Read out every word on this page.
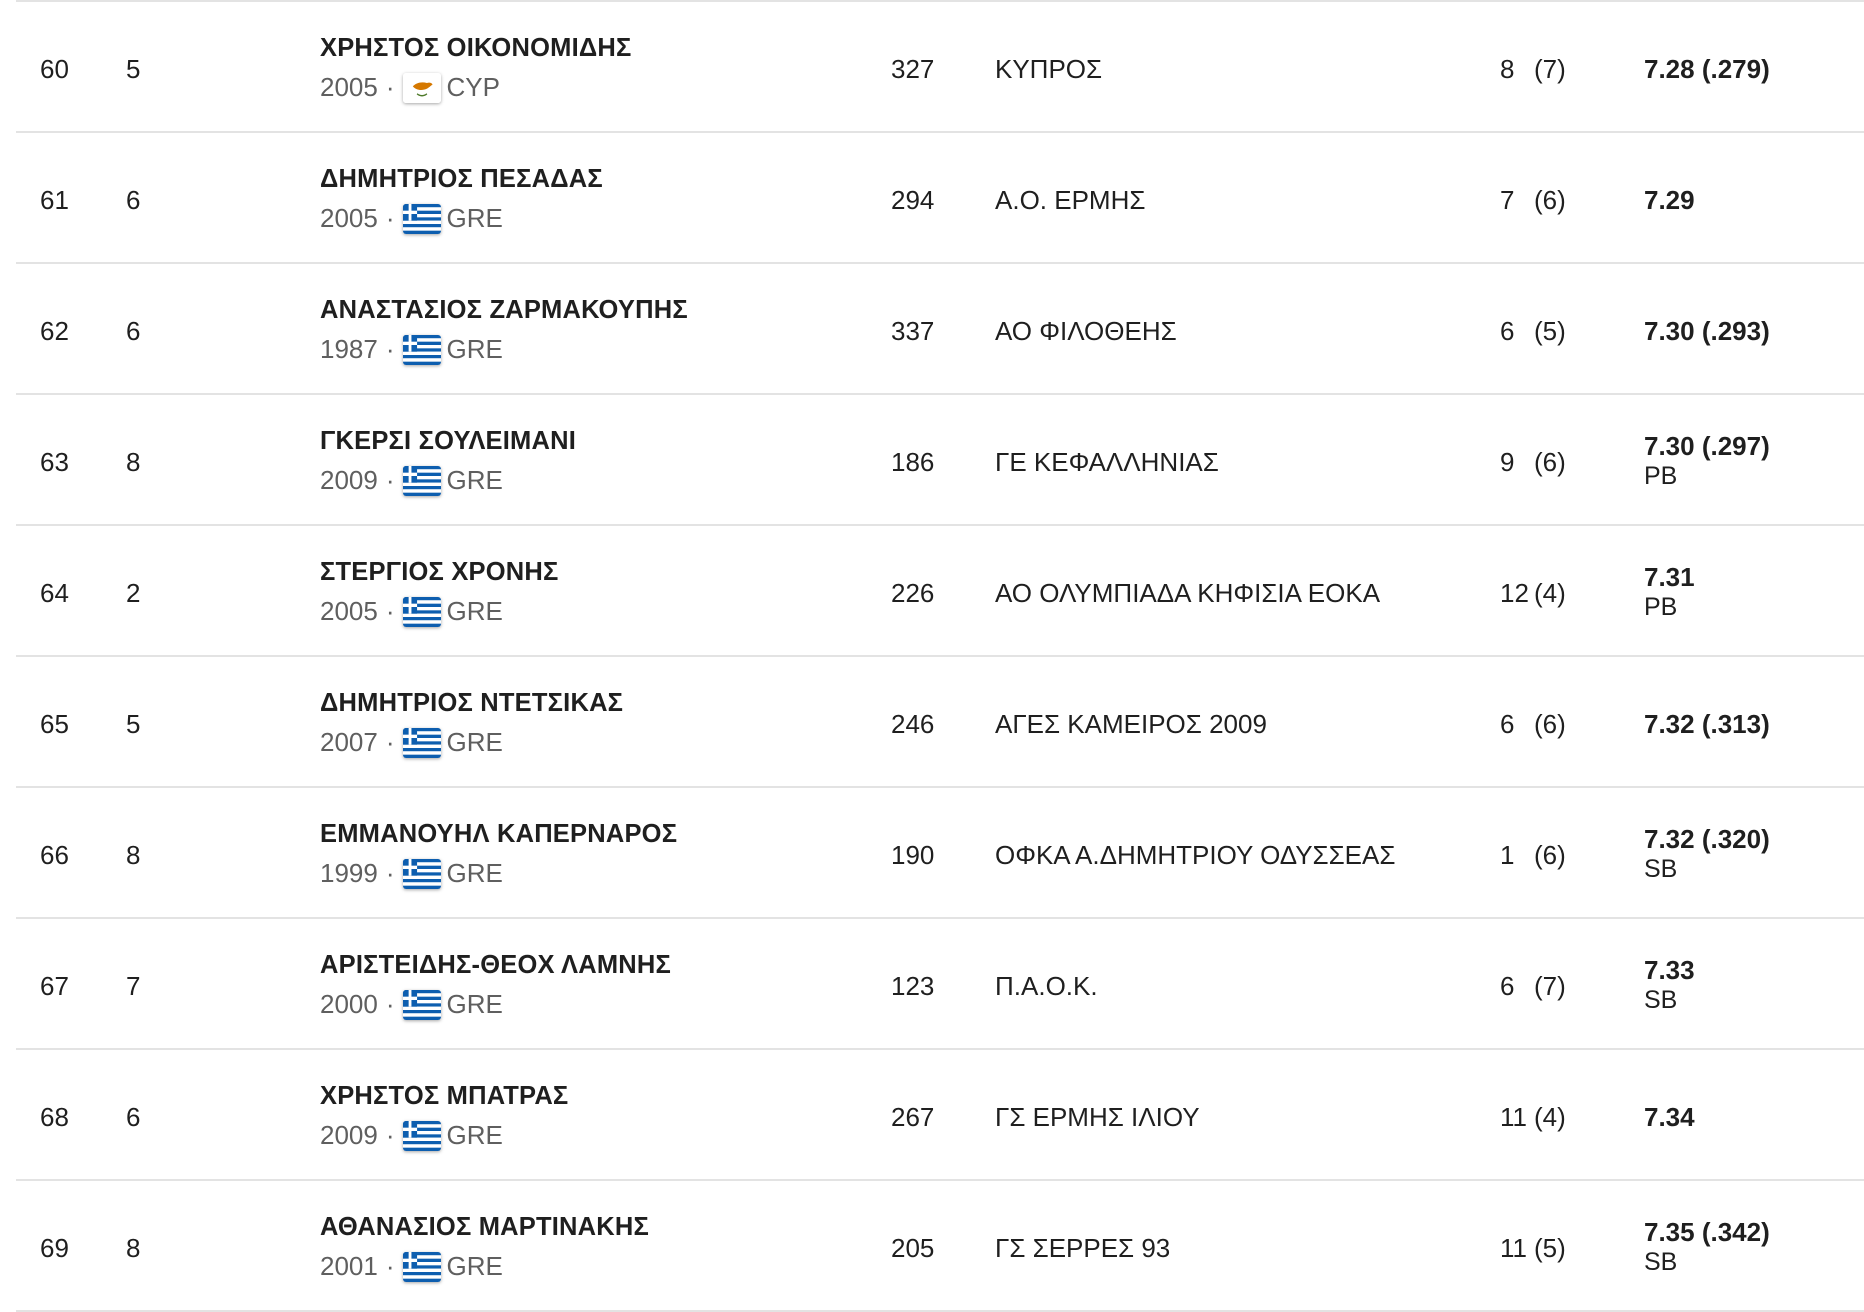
60 5
ΧΡΗΣΤΟΣ ΟΙΚΟΝΟΜΙΔΗΣ
2005 · CYP
327 ΚΥΠΡΟΣ	8 (7)	7.28 (.279)
61 6
ΔΗΜΗΤΡΙΟΣ ΠΕΣΑΔΑΣ
2005 · GRE
294 Α.Ο. ΕΡΜΗΣ	7 (6)	7.29
62 6
ΑΝΑΣΤΑΣΙΟΣ ΖΑΡΜΑΚΟΥΠΗΣ
1987 · GRE
337 ΑΟ ΦΙΛΟΘΕΗΣ	6 (5)	7.30 (.293)
63 8
ΓΚΕΡΣΙ ΣΟΥΛΕΙΜΑΝΙ
2009 · GRE
186 ΓΕ ΚΕΦΑΛΛΗΝΙΑΣ	9 (6)
7.30 (.297)
PB
64 2
ΣΤΕΡΓΙΟΣ ΧΡΟΝΗΣ
2005 · GRE
226 ΑΟ ΟΛΥΜΠΙΑΔΑ ΚΗΦΙΣΙΑ ΕΟΚΑ	12 (4)
7.31
PB
65 5
ΔΗΜΗΤΡΙΟΣ ΝΤΕΤΣΙΚΑΣ
2007 · GRE
246 ΑΓΕΣ ΚΑΜΕΙΡΟΣ 2009	6 (6)	7.32 (.313)
66 8
ΕΜΜΑΝΟΥΗΛ ΚΑΠΕΡΝΑΡΟΣ
1999 · GRE
190 ΟΦΚΑ Α.ΔΗΜΗΤΡΙΟΥ ΟΔΥΣΣΕΑΣ	1 (6)
7.32 (.320)
SB
67 7
ΑΡΙΣΤΕΙΔΗΣ-ΘΕΟΧ ΛΑΜΝΗΣ
2000 · GRE
123 Π.Α.Ο.Κ.	6 (7)
7.33
SB
68 6
ΧΡΗΣΤΟΣ ΜΠΑΤΡΑΣ
2009 · GRE
267 ΓΣ ΕΡΜΗΣ ΙΛΙΟΥ	11 (4)	7.34
69 8
ΑΘΑΝΑΣΙΟΣ ΜΑΡΤΙΝΑΚΗΣ
2001 · GRE
205 ΓΣ ΣΕΡΡΕΣ 93	11 (5)
7.35 (.342)
SB
